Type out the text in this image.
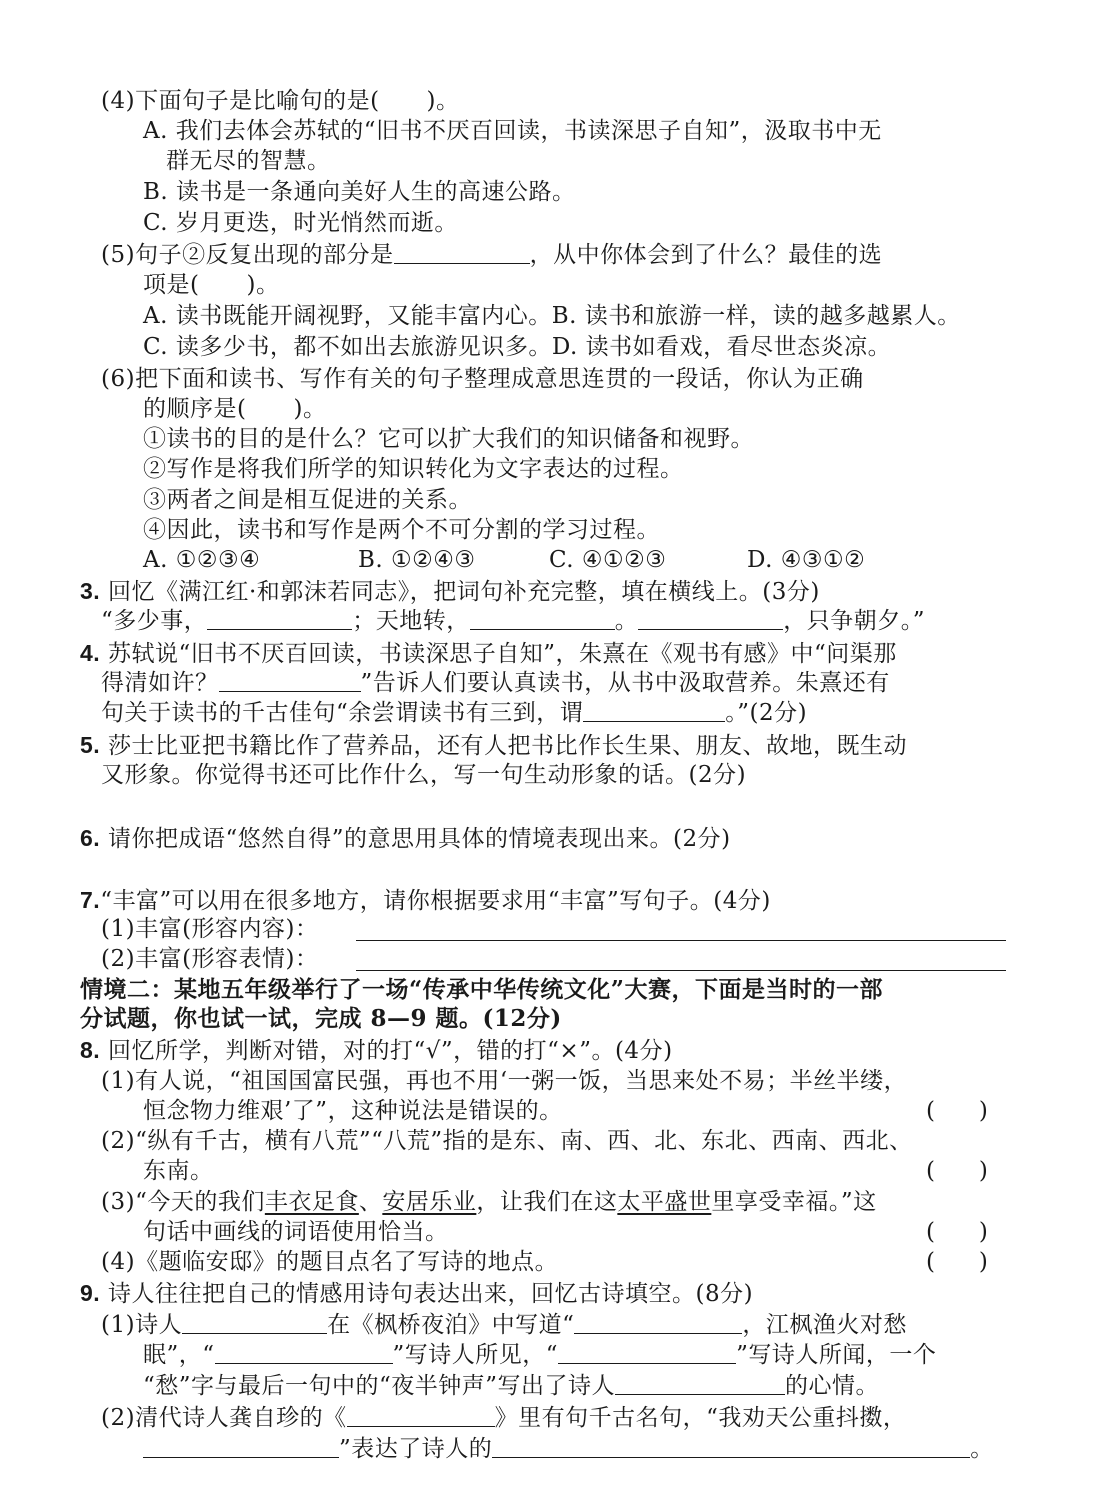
(4)下面句子是比喻句的是(　　)。
A. 我们去体会苏轼的“旧书不厌百回读，书读深思子自知”，汲取书中无
群无尽的智慧。
B. 读书是一条通向美好人生的高速公路。
C. 岁月更迭，时光悄然而逝。
(5)句子②反复出现的部分是	，从中你体会到了什么？最佳的选
项是(　　)。
A. 读书既能开阔视野，又能丰富内心。B. 读书和旅游一样，读的越多越累人。
C. 读多少书，都不如出去旅游见识多。D. 读书如看戏，看尽世态炎凉。
(6)把下面和读书、写作有关的句子整理成意思连贯的一段话，你认为正确
的顺序是(　　)。
①读书的目的是什么？它可以扩大我们的知识储备和视野。
②写作是将我们所学的知识转化为文字表达的过程。
③两者之间是相互促进的关系。
④因此，读书和写作是两个不可分割的学习过程。
A. ①②③④	B. ①②④③	C. ④①②③	D. ④③①②
3. 回忆《满江红·和郭沫若同志》，把词句补充完整，填在横线上。(3分)
“多少事，	；天地转，	。	，只争朝夕。”
4. 苏轼说“旧书不厌百回读，书读深思子自知”，朱熹在《观书有感》中“问渠那
得清如许？	”告诉人们要认真读书，从书中汲取营养。朱熹还有
句关于读书的千古佳句“余尝谓读书有三到，谓	。”(2分)
5. 莎士比亚把书籍比作了营养品，还有人把书比作长生果、朋友、故地，既生动
又形象。你觉得书还可比作什么，写一句生动形象的话。(2分)
6. 请你把成语“悠然自得”的意思用具体的情境表现出来。(2分)
7.“丰富”可以用在很多地方，请你根据要求用“丰富”写句子。(4分)
(1)丰富(形容内容)：
(2)丰富(形容表情)：
情境二：某地五年级举行了一场“传承中华传统文化”大赛，下面是当时的一部
分试题，你也试一试，完成 8—9 题。(12分)
8. 回忆所学，判断对错，对的打“√”，错的打“×”。(4分)
(1)有人说，“祖国国富民强，再也不用‘一粥一饭，当思来处不易；半丝半缕，
恒念物力维艰’了”，这种说法是错误的。	(      )
(2)“纵有千古，横有八荒”“八荒”指的是东、南、西、北、东北、西南、西北、
东南。	(      )
(3)“今天的我们丰衣足食、安居乐业，让我们在这太平盛世里享受幸福。”这
句话中画线的词语使用恰当。	(      )
(4)《题临安邸》的题目点名了写诗的地点。	(      )
9. 诗人往往把自己的情感用诗句表达出来，回忆古诗填空。(8分)
(1)诗人	在《枫桥夜泊》中写道“	，江枫渔火对愁
眠”，“	”写诗人所见，“	”写诗人所闻，一个
“愁”字与最后一句中的“夜半钟声”写出了诗人	的心情。
(2)清代诗人龚自珍的《	》里有句千古名句，“我劝天公重抖擞，
”表达了诗人的	。
